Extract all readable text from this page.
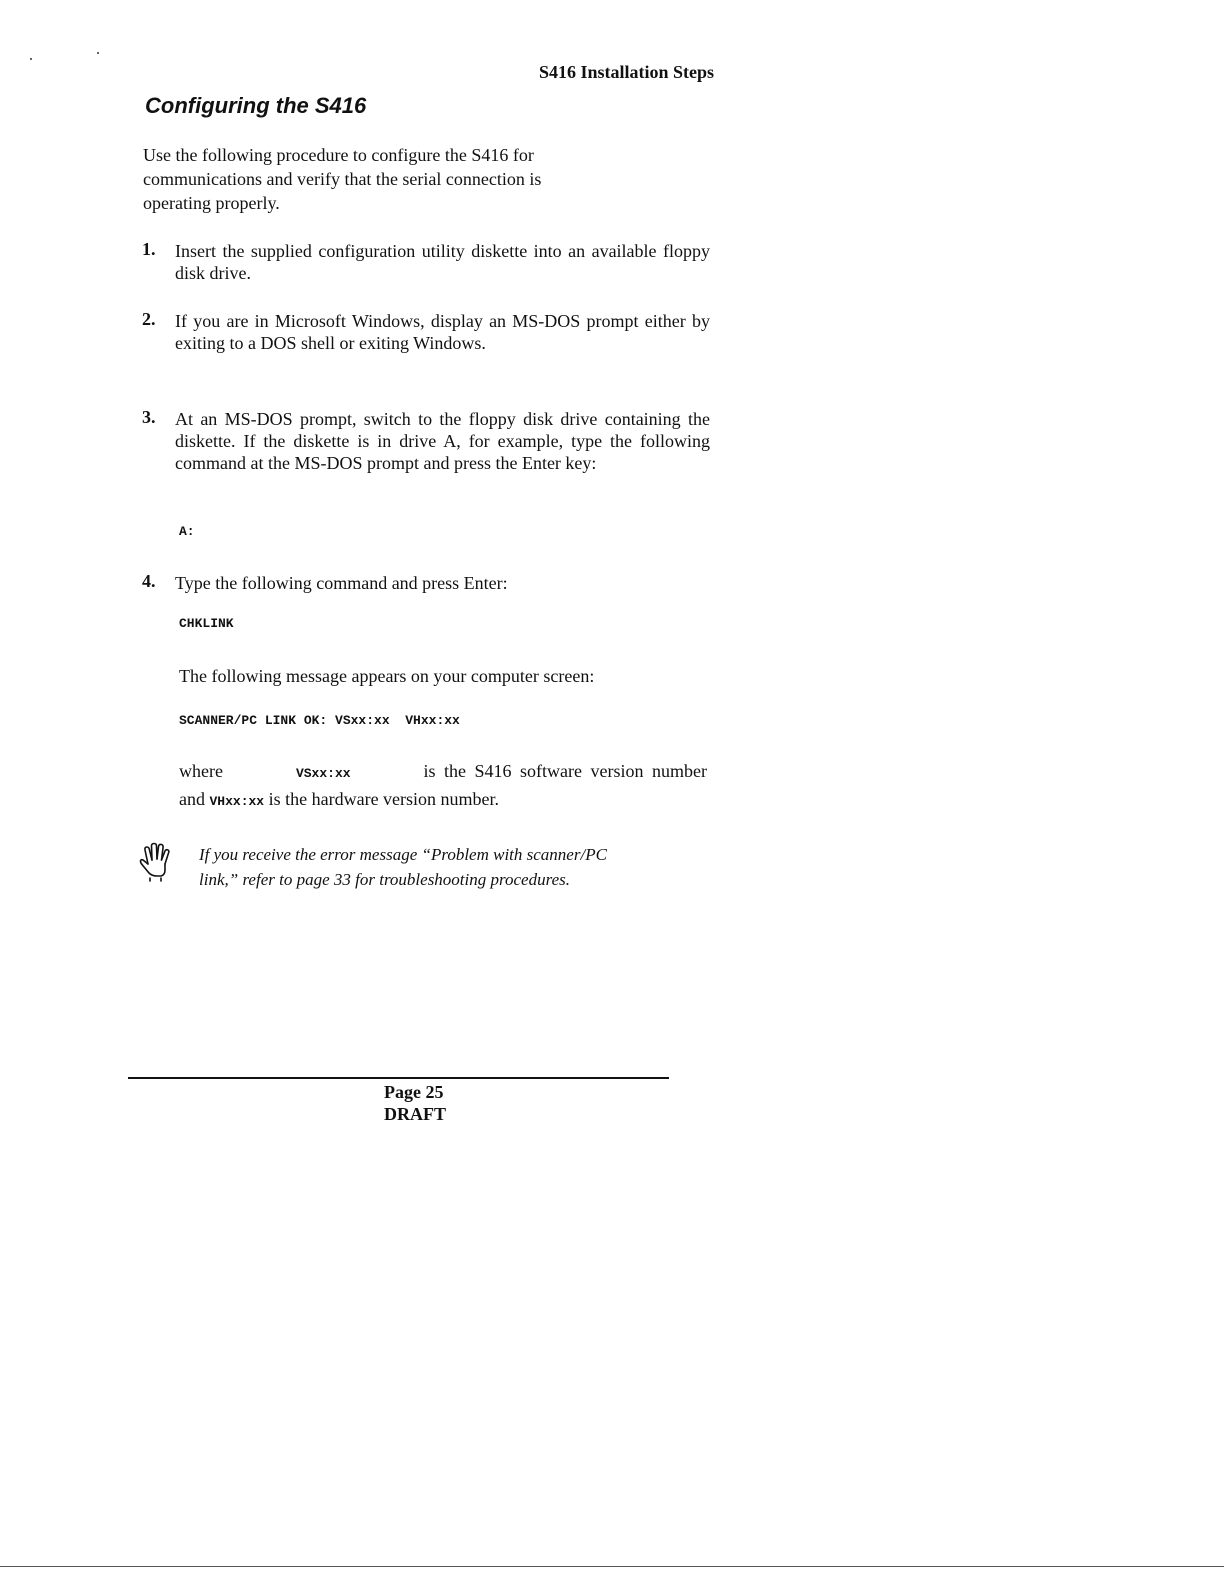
S416 Installation Steps
Configuring the S416
Use the following procedure to configure the S416 for
communications and verify that the serial connection is
operating properly.
1.	Insert the supplied configuration utility diskette into an available floppy disk drive.
2.	If you are in Microsoft Windows, display an MS-DOS prompt either by exiting to a DOS shell or exiting Windows.
3.	At an MS-DOS prompt, switch to the floppy disk drive containing the diskette. If the diskette is in drive A, for example, type the following command at the MS-DOS prompt and press the Enter key:
A:
4.	Type the following command and press Enter:
CHKLINK
The following message appears on your computer screen:
SCANNER/PC LINK OK: VSxx:xx  VHxx:xx
where	VSxx:xx	is the S416 software version number
and VHxx:xx is the hardware version number.
If you receive the error message “Problem with scanner/PC
link,” refer to page 33 for troubleshooting procedures.
Page 25
DRAFT
